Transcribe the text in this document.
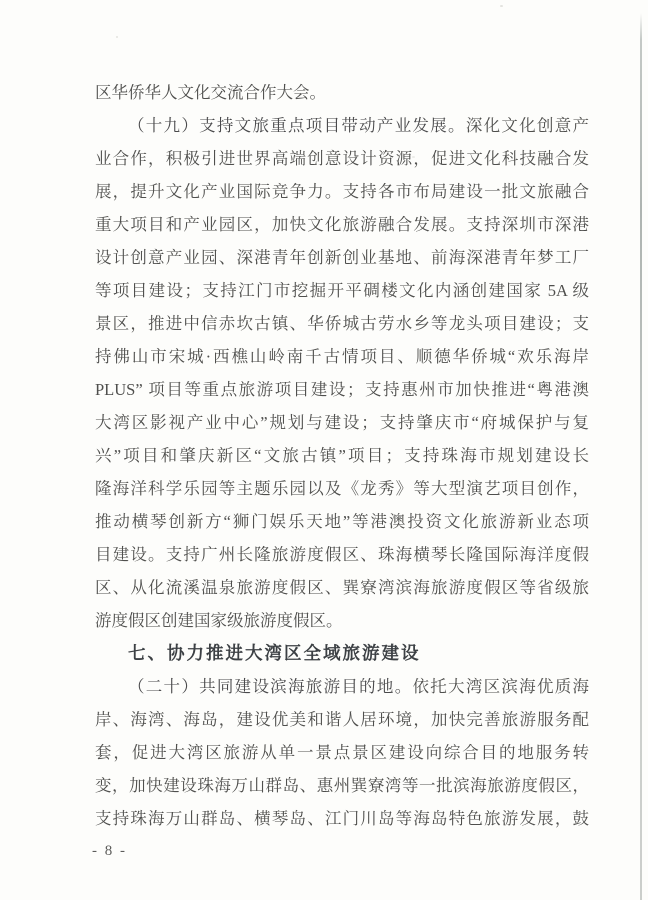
区华侨华人文化交流合作大会。
（十九）支持文旅重点项目带动产业发展。深化文化创意产
业合作，积极引进世界高端创意设计资源，促进文化科技融合发
展，提升文化产业国际竞争力。支持各市布局建设一批文旅融合
重大项目和产业园区，加快文化旅游融合发展。支持深圳市深港
设计创意产业园、深港青年创新创业基地、前海深港青年梦工厂
等项目建设；支持江门市挖掘开平碉楼文化内涵创建国家 5A 级
景区，推进中信赤坎古镇、华侨城古劳水乡等龙头项目建设；支
持佛山市宋城·西樵山岭南千古情项目、顺德华侨城“欢乐海岸
PLUS” 项目等重点旅游项目建设；支持惠州市加快推进“粤港澳
大湾区影视产业中心”规划与建设；支持肇庆市“府城保护与复
兴”项目和肇庆新区“文旅古镇”项目；支持珠海市规划建设长
隆海洋科学乐园等主题乐园以及《龙秀》等大型演艺项目创作，
推动横琴创新方“狮门娱乐天地”等港澳投资文化旅游新业态项
目建设。支持广州长隆旅游度假区、珠海横琴长隆国际海洋度假
区、从化流溪温泉旅游度假区、巽寮湾滨海旅游度假区等省级旅
游度假区创建国家级旅游度假区。
七、协力推进大湾区全域旅游建设
（二十）共同建设滨海旅游目的地。依托大湾区滨海优质海
岸、海湾、海岛，建设优美和谐人居环境，加快完善旅游服务配
套，促进大湾区旅游从单一景点景区建设向综合目的地服务转
变，加快建设珠海万山群岛、惠州巽寮湾等一批滨海旅游度假区，
支持珠海万山群岛、横琴岛、江门川岛等海岛特色旅游发展，鼓
- 8 -
